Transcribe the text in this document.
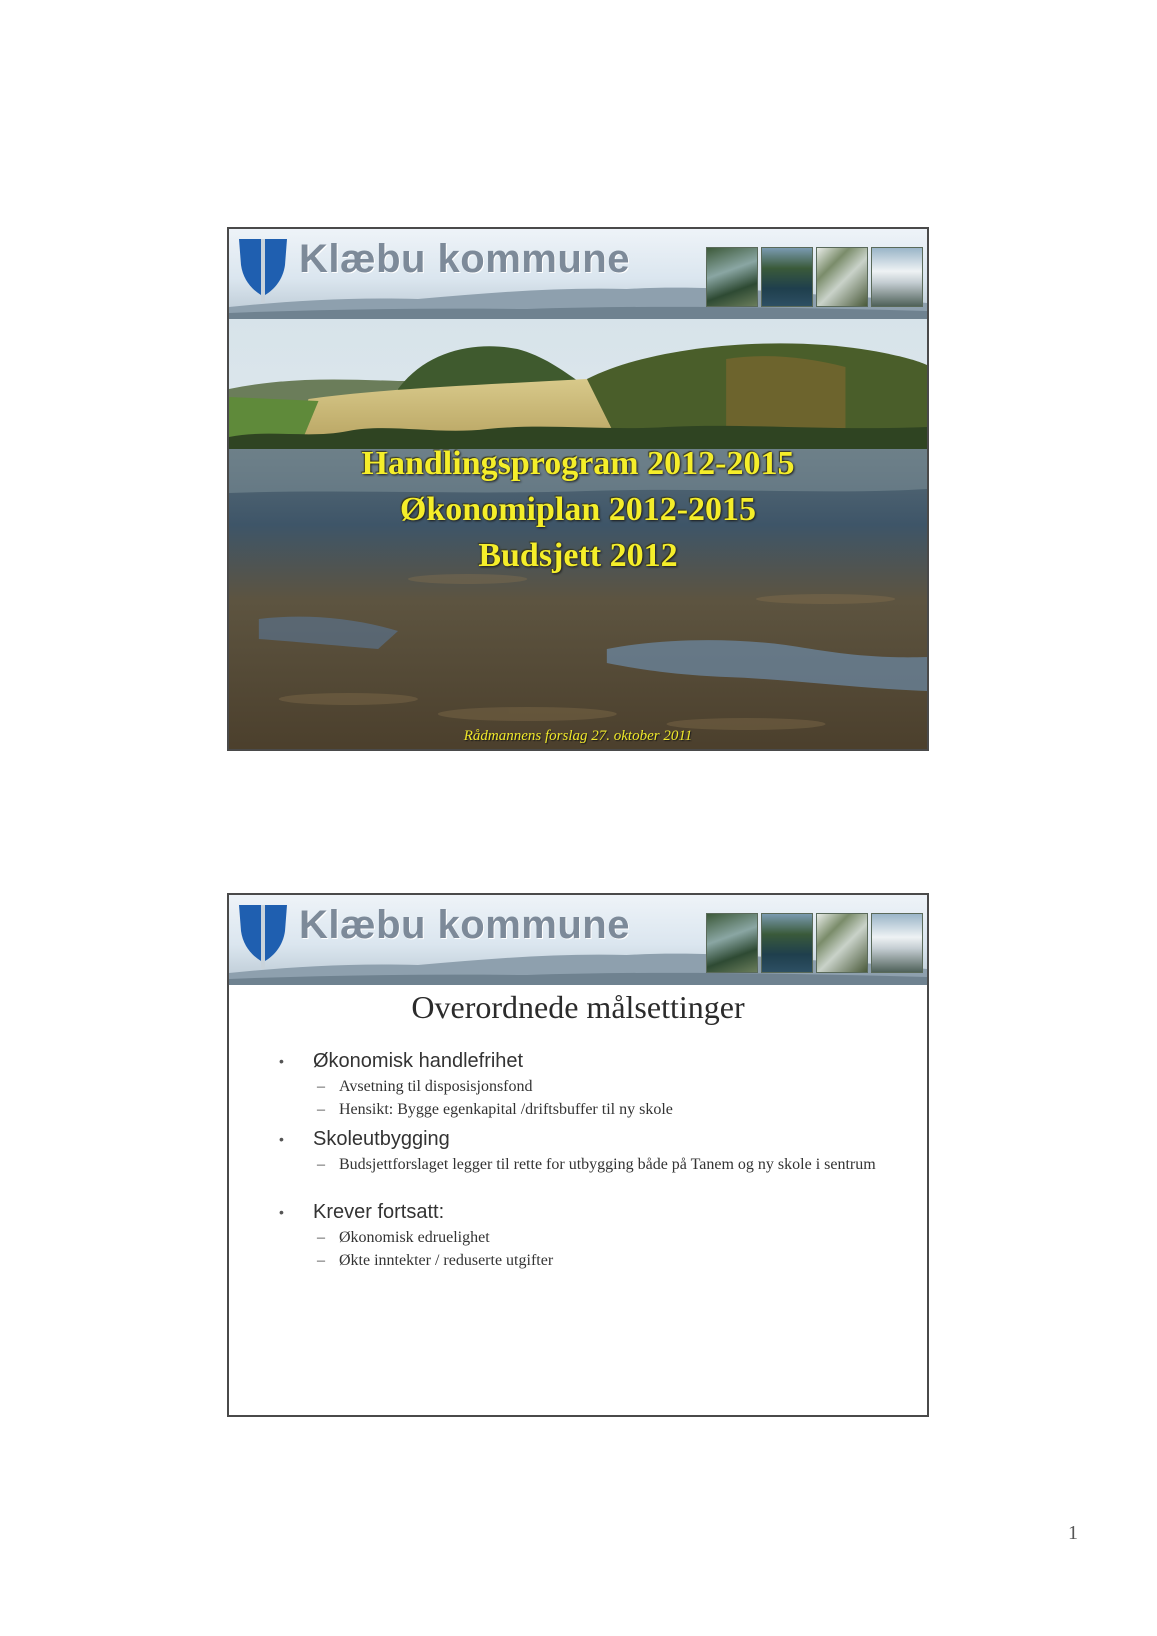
Klæbu kommune
Handlingsprogram 2012-2015
Økonomiplan 2012-2015
Budsjett 2012
Rådmannens forslag 27. oktober 2011
Klæbu kommune
Overordnede målsettinger

• Økonomisk handlefrihet

– Avsetning til disposisjonsfond

– Hensikt: Bygge egenkapital /driftsbuffer til ny skole

• Skoleutbygging

– Budsjettforslaget legger til rette for utbygging både på Tanem og ny skole i sentrum

• Krever fortsatt:

– Økonomisk edruelighet

– Økte inntekter / reduserte utgifter

1
